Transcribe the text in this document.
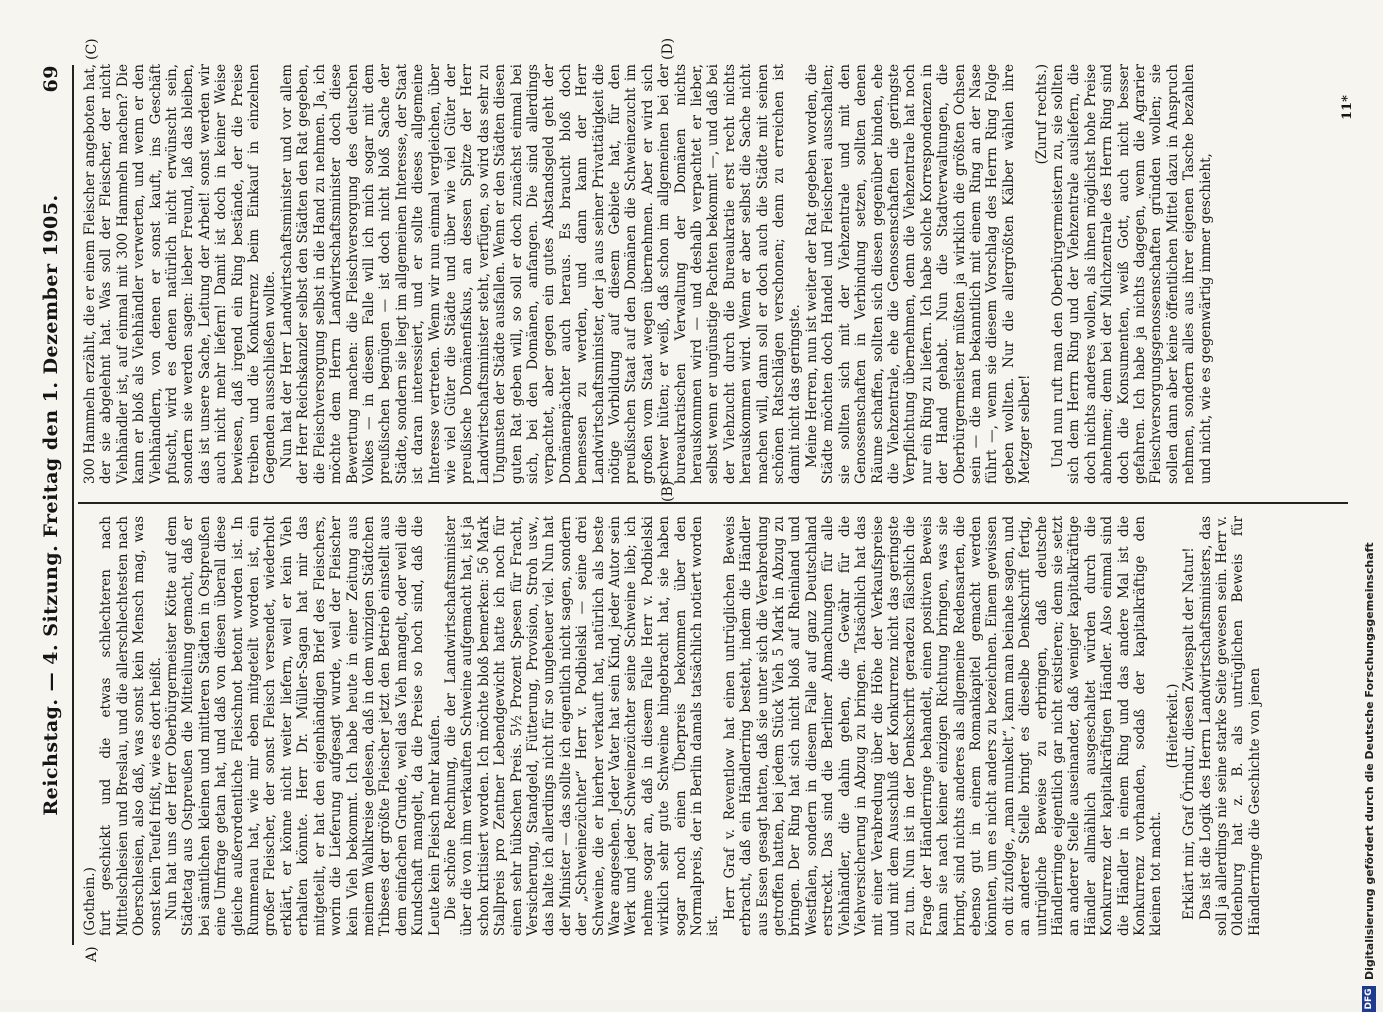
Reichstag. — 4. Sitzung. Freitag den 1. Dezember 1905.
69
A)
(B)
(C)	(D)

(Gothein.) furt geschickt und die etwas schlechteren nach Mittelschlesien und Breslau, und die allerschlechtesten nach Oberschlesien, also daß, was sonst kein Mensch mag, was sonst kein Teufel frißt, wie es dort heißt. Nun hat uns der Herr Oberbürgermeister Kötte auf dem Städtetag aus Ostpreußen die Mitteilung gemacht, daß er bei sämtlichen kleinen und mittleren Städten in Ostpreußen eine Umfrage getan hat, und daß von diesen überall diese gleiche außerordentliche Fleischnot betont worden ist. In Rummenau hat, wie mir eben mitgeteilt worden ist, ein großer Fleischer, der sonst Fleisch versendet, wiederholt erklärt, er könne nicht weiter liefern, weil er kein Vieh erhalten könnte. Herr Dr. Müller-Sagan hat mir das mitgeteilt, er hat den eigenhändigen Brief des Fleischers, worin die Lieferung aufgesagt wurde, weil der Fleischer kein Vieh bekommt. Ich habe heute in einer Zeitung aus meinem Wahlkreise gelesen, daß in dem winzigen Städtchen Tribsees der größte Fleischer jetzt den Betrieb einstellt aus dem einfachen Grunde, weil das Vieh mangelt, oder weil die Kundschaft mangelt, da die Preise so hoch sind, daß die Leute kein Fleisch mehr kaufen. Die schöne Rechnung, die der Landwirtschaftsminister über die von ihm verkauften Schweine aufgemacht hat, ist ja schon kritisiert worden. Ich möchte bloß bemerken: 56 Mark Stallpreis pro Zentner Lebendgewicht hatte ich noch für einen sehr hübschen Preis. 5½ Prozent Spesen für Fracht, Versicherung, Standgeld, Fütterung, Provision, Stroh usw., das halte ich allerdings nicht für so ungeheuer viel. Nun hat der Minister — das sollte ich eigentlich nicht sagen, sondern der „Schweinezüchter“ Herr v. Podbielski — seine drei Schweine, die er hierher verkauft hat, natürlich als beste Ware angesehen. Jeder Vater hat sein Kind, jeder Autor sein Werk und jeder Schweinezüchter seine Schweine lieb; ich nehme sogar an, daß in diesem Falle Herr v. Podbielski wirklich sehr gute Schweine hingebracht hat, sie haben sogar noch einen Überpreis bekommen über den Normalpreis, der in Berlin damals tatsächlich notiert worden ist.

Herr Graf v. Reventlow hat einen untrüglichen Beweis erbracht, daß ein Händlerring besteht, indem die Händler aus Essen gesagt hatten, daß sie unter sich die Verabredung getroffen hatten, bei jedem Stück Vieh 5 Mark in Abzug zu bringen. Der Ring hat sich nicht bloß auf Rheinland und Westfalen, sondern in diesem Falle auf ganz Deutschland erstreckt. Das sind die Berliner Abmachungen für alle Viehhändler, die dahin gehen, die Gewähr für die Viehversicherung in Abzug zu bringen. Tatsächlich hat das mit einer Verabredung über die Höhe der Verkaufspreise und mit dem Ausschluß der Konkurrenz nicht das geringste zu tun. Nun ist in der Denkschrift geradezu fälschlich die Frage der Händlerringe behandelt, einen positiven Beweis kann sie nach keiner einzigen Richtung bringen, was sie bringt, sind nichts anderes als allgemeine Redensarten, die ebenso gut in einem Romankapitel gemacht werden könnten, um es nicht anders zu bezeichnen. Einem gewissen on dit zufolge, „man munkelt“, kann man beinahe sagen, und an anderer Stelle bringt es dieselbe Denkschrift fertig, untrügliche Beweise zu erbringen, daß deutsche Händlerringe eigentlich gar nicht existieren; denn sie setzt an anderer Stelle auseinander, daß weniger kapitalkräftige Händler allmählich ausgeschaltet würden durch die Konkurrenz der kapitalkräftigen Händler. Also einmal sind die Händler in einem Ring und das andere Mal ist die Konkurrenz vorhanden, sodaß der kapitalkräftige den kleinen tot macht.

(Heiterkeit.) Erklärt mir, Graf Örindur, diesen Zwiespalt der Natur! Das ist die Logik des Herrn Landwirtschaftsministers, das soll ja allerdings nie seine starke Seite gewesen sein. Herr v. Oldenburg hat z. B. als untrüglichen Beweis für Händlerringe die Geschichte von jenen

300 Hammeln erzählt, die er einem Fleischer angeboten hat, der sie abgelehnt hat. Was soll der Fleischer, der nicht Viehhändler ist, auf einmal mit 300 Hammeln machen? Die kann er bloß als Viehhändler verwerten, und wenn er den Viehhändlern, von denen er sonst kauft, ins Geschäft pfuscht, wird es denen natürlich nicht erwünscht sein, sondern sie werden sagen: lieber Freund, laß das bleiben, das ist unsere Sache, Leitung der Arbeit! sonst werden wir auch nicht mehr liefern! Damit ist doch in keiner Weise bewiesen, daß irgend ein Ring bestände, der die Preise treiben und die Konkurrenz beim Einkauf in einzelnen Gegenden ausschließen wollte. Nun hat der Herr Landwirtschaftsminister und vor allem der Herr Reichskanzler selbst den Städten den Rat gegeben, die Fleischversorgung selbst in die Hand zu nehmen. Ja, ich möchte dem Herrn Landwirtschaftsminister doch diese Bewertung machen: die Fleischversorgung des deutschen Volkes — in diesem Falle will ich mich sogar mit dem preußischen begnügen — ist doch nicht bloß Sache der Städte, sondern sie liegt im allgemeinen Interesse, der Staat ist daran interessiert, und er sollte dieses allgemeine Interesse vertreten. Wenn wir nun einmal vergleichen, über wie viel Güter die Städte und über wie viel Güter der preußische Domänenfiskus, an dessen Spitze der Herr Landwirtschaftsminister steht, verfügen, so wird das sehr zu Ungunsten der Städte ausfallen. Wenn er den Städten diesen guten Rat geben will, so soll er doch zunächst einmal bei sich, bei den Domänen, anfangen. Die sind allerdings verpachtet, aber gegen ein gutes Abstandsgeld geht der Domänenpächter auch heraus. Es braucht bloß doch bemessen zu werden, und dann kann der Herr Landwirtschaftsminister, der ja aus seiner Privattätigkeit die nötige Vorbildung auf diesem Gebiete hat, für den preußischen Staat auf den Domänen die Schweinezucht im großen vom Staat wegen übernehmen. Aber er wird sich schwer hüten; er weiß, daß schon im allgemeinen bei der bureaukratischen Verwaltung der Domänen nichts herauskommen wird — und deshalb verpachtet er lieber, selbst wenn er ungünstige Pachten bekommt —, und daß bei der Viehzucht durch die Bureaukratie erst recht nichts herauskommen wird. Wenn er aber selbst die Sache nicht machen will, dann soll er doch auch die Städte mit seinen schönen Ratschlägen verschonen; denn zu erreichen ist damit nicht das geringste. Meine Herren, nun ist weiter der Rat gegeben worden, die Städte möchten doch Handel und Fleischerei ausschalten; sie sollten sich mit der Viehzentrale und mit den Genossenschaften in Verbindung setzen, sollten denen Räume schaffen, sollten sich diesen gegenüber binden, ehe die Viehzentrale, ehe die Genossenschaften die geringste Verpflichtung übernehmen, denn die Viehzentrale hat noch nur ein Ring zu liefern. Ich habe solche Korrespondenzen in der Hand gehabt. Nun die Stadtverwaltungen, die Oberbürgermeister müßten ja wirklich die größten Ochsen sein — die man bekanntlich mit einem Ring an der Nase führt —, wenn sie diesem Vorschlag des Herrn Ring Folge geben wollten. Nur die allergrößten Kälber wählen ihre Metzger selber!

(Zuruf rechts.) Und nun ruft man den Oberbürgermeistern zu, sie sollten sich dem Herrn Ring und der Viehzentrale ausliefern, die doch nichts anderes wollen, als ihnen möglichst hohe Preise abnehmen; denn bei der Milchzentrale des Herrn Ring sind doch die Konsumenten, weiß Gott, auch nicht besser gefahren. Ich habe ja nichts dagegen, wenn die Agrarier Fleischversorgungsgenossenschaften gründen wollen; sie sollen dann aber keine öffentlichen Mittel dazu in Anspruch nehmen, sondern alles aus ihrer eigenen Tasche bezahlen und nicht, wie es gegenwärtig immer geschieht,

11*
Digitalisierung gefördert durch die Deutsche Forschungsgemeinschaft
DFG
